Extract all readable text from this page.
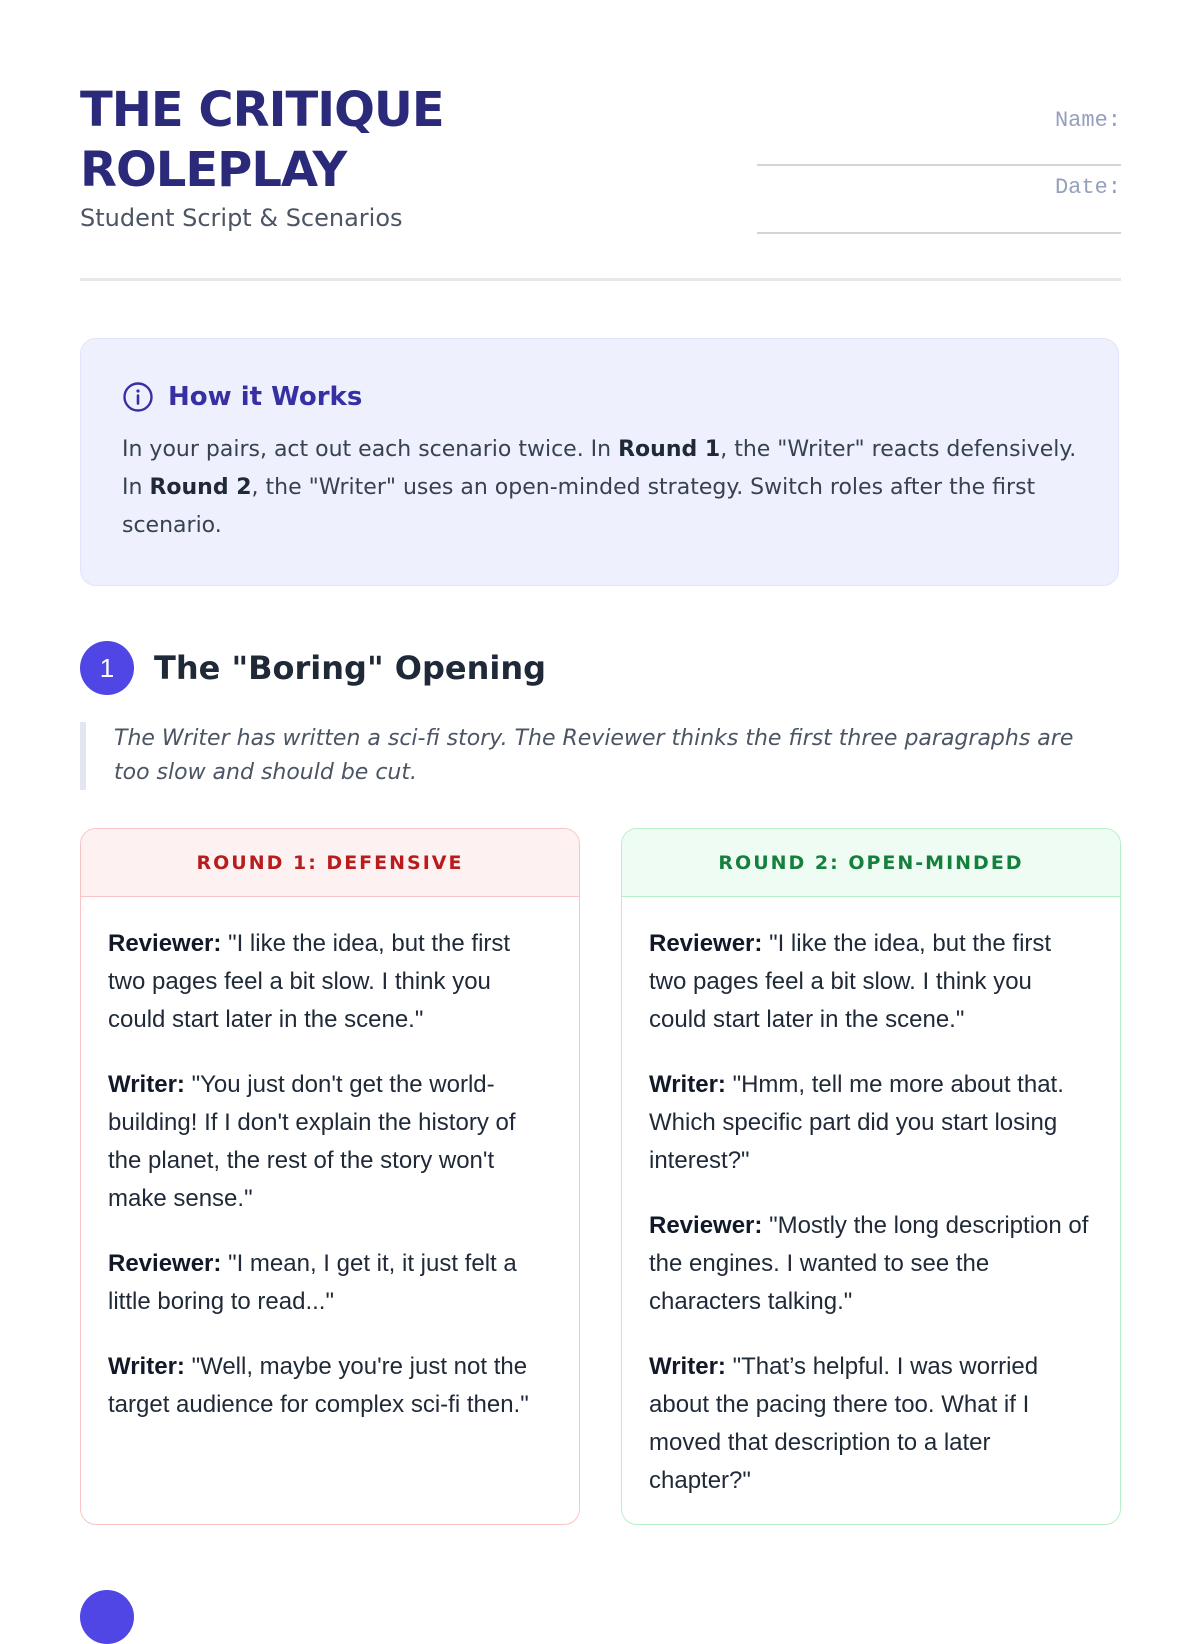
THE CRITIQUE ROLEPLAY
Student Script & Scenarios
Name:
Date:
How it Works
In your pairs, act out each scenario twice. In Round 1, the "Writer" reacts defensively. In Round 2, the "Writer" uses an open-minded strategy. Switch roles after the first scenario.
1	The "Boring" Opening
The Writer has written a sci-fi story. The Reviewer thinks the first three paragraphs are too slow and should be cut.
ROUND 1: DEFENSIVE

Reviewer: "I like the idea, but the first two pages feel a bit slow. I think you could start later in the scene."

Writer: "You just don't get the world-building! If I don't explain the history of the planet, the rest of the story won't make sense."

Reviewer: "I mean, I get it, it just felt a little boring to read..."

Writer: "Well, maybe you're just not the target audience for complex sci-fi then."

ROUND 2: OPEN-MINDED

Reviewer: "I like the idea, but the first two pages feel a bit slow. I think you could start later in the scene."

Writer: "Hmm, tell me more about that. Which specific part did you start losing interest?"

Reviewer: "Mostly the long description of the engines. I wanted to see the characters talking."

Writer: "That’s helpful. I was worried about the pacing there too. What if I moved that description to a later chapter?"
